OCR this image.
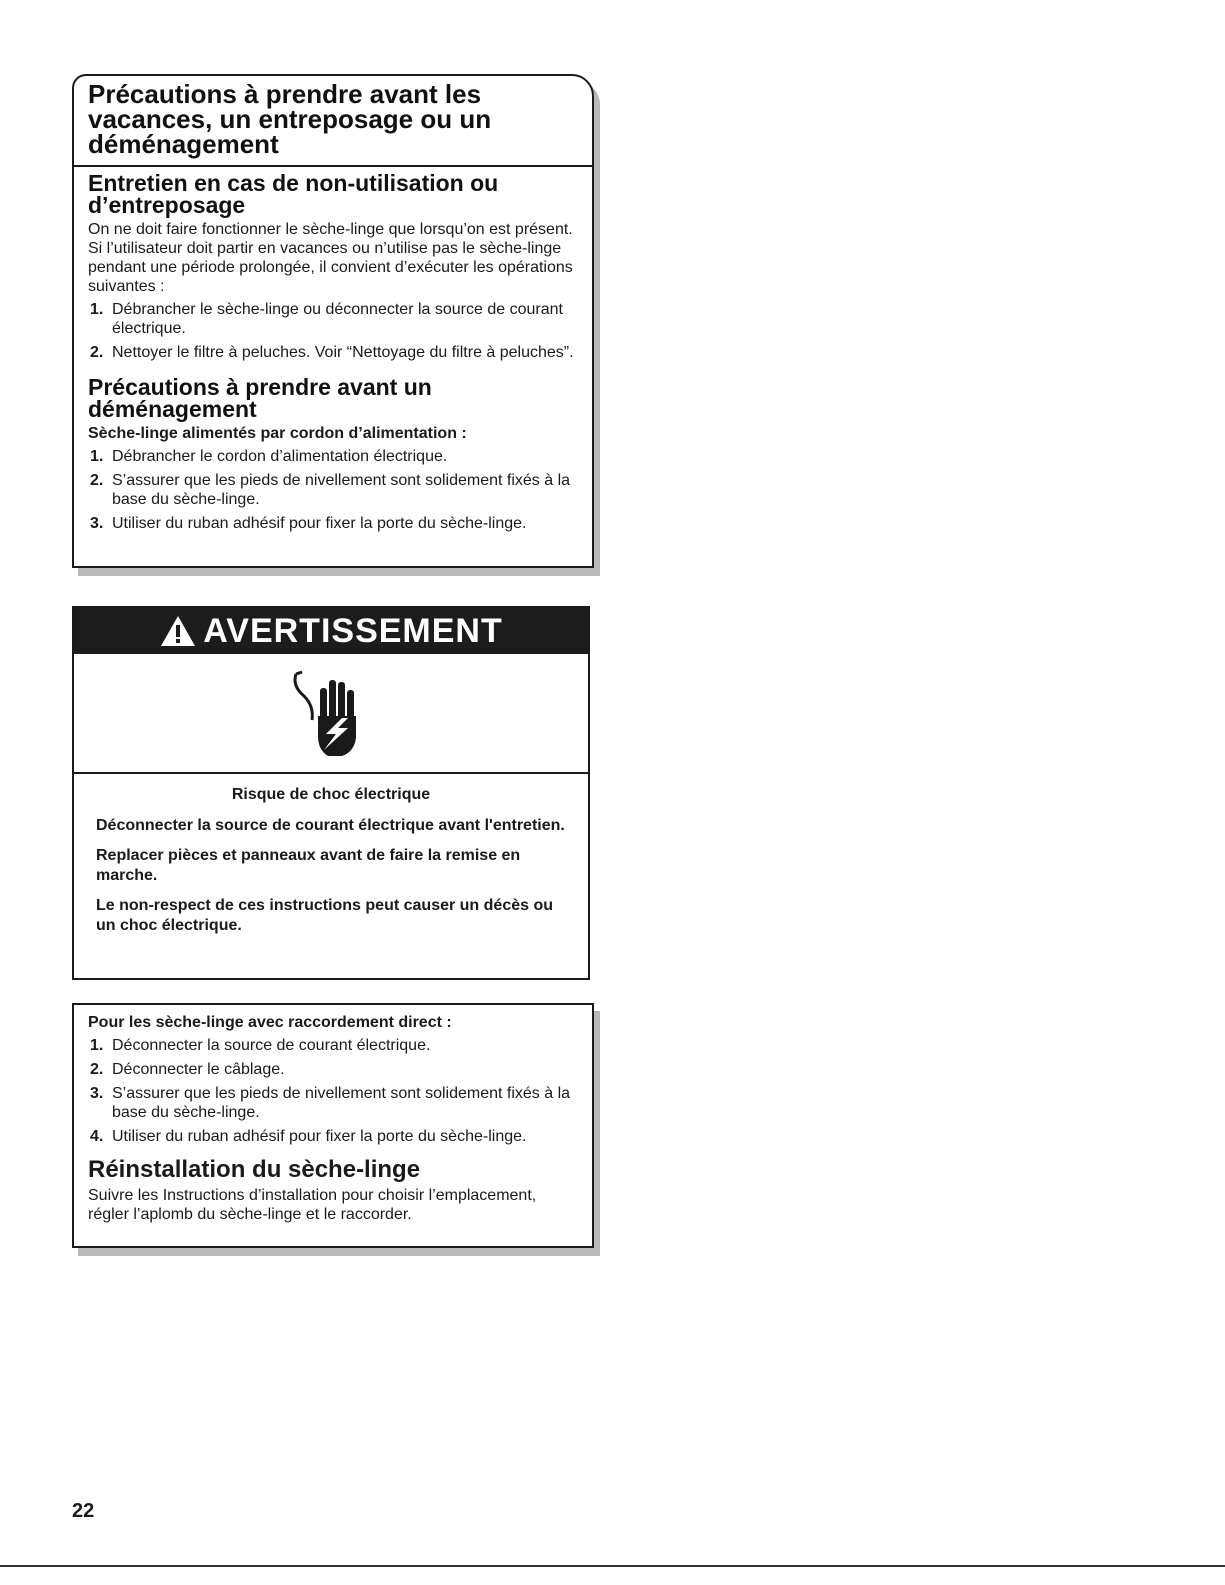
Précautions à prendre avant les vacances, un entreposage ou un déménagement
Entretien en cas de non-utilisation ou d’entreposage

On ne doit faire fonctionner le sèche-linge que lorsqu’on est présent. Si l’utilisateur doit partir en vacances ou n’utilise pas le sèche-linge pendant une période prolongée, il convient d’exécuter les opérations suivantes :

1. Débrancher le sèche-linge ou déconnecter la source de courant électrique.
2. Nettoyer le filtre à peluches. Voir “Nettoyage du filtre à peluches”.
Précautions à prendre avant un déménagement

Sèche-linge alimentés par cordon d’alimentation :

1. Débrancher le cordon d’alimentation électrique.
2. S’assurer que les pieds de nivellement sont solidement fixés à la base du sèche-linge.
3. Utiliser du ruban adhésif pour fixer la porte du sèche-linge.
AVERTISSEMENT
Risque de choc électrique

Déconnecter la source de courant électrique avant l'entretien.

Replacer pièces et panneaux avant de faire la remise en marche.

Le non-respect de ces instructions peut causer un décès ou un choc électrique.

Pour les sèche-linge avec raccordement direct :

1. Déconnecter la source de courant électrique.
2. Déconnecter le câblage.
3. S’assurer que les pieds de nivellement sont solidement fixés à la base du sèche-linge.
4. Utiliser du ruban adhésif pour fixer la porte du sèche-linge.
Réinstallation du sèche-linge

Suivre les Instructions d’installation pour choisir l’emplacement, régler l’aplomb du sèche-linge et le raccorder.

22
